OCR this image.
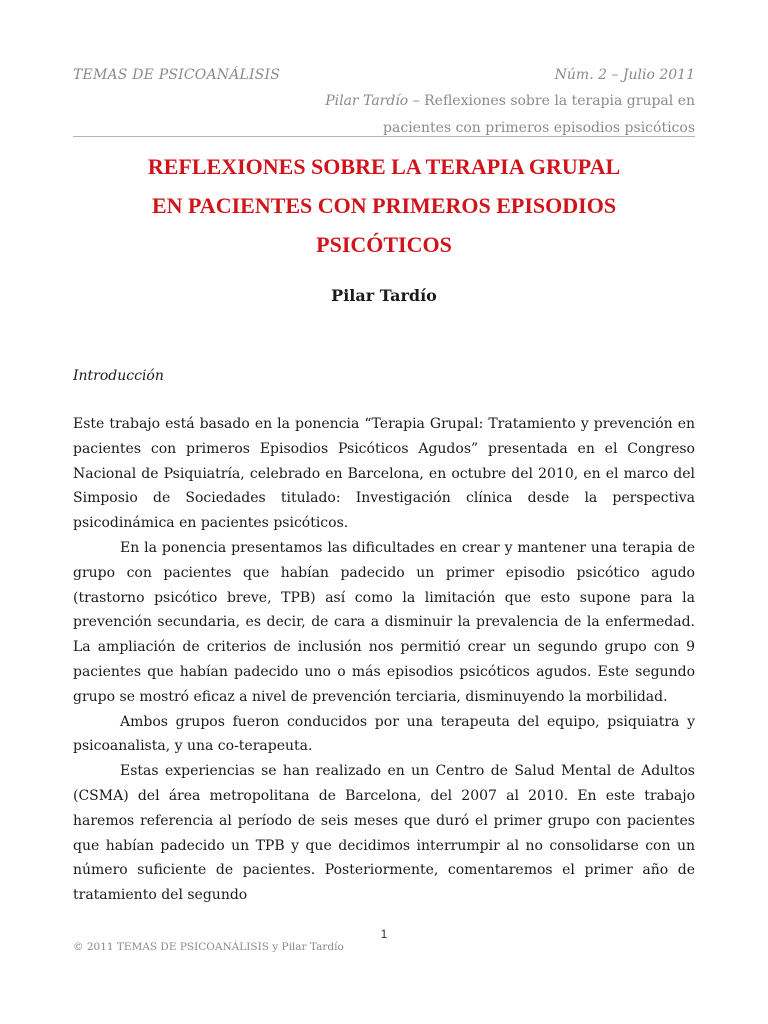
TEMAS DE PSICOANÁLISIS	Núm. 2 – Julio 2011
Pilar Tardío – Reflexiones sobre la terapia grupal en
pacientes con primeros episodios psicóticos
REFLEXIONES SOBRE LA TERAPIA GRUPAL
EN PACIENTES CON PRIMEROS EPISODIOS
PSICÓTICOS
Pilar Tardío
Introducción

Este trabajo está basado en la ponencia “Terapia Grupal: Tratamiento y prevención en pacientes con primeros Episodios Psicóticos Agudos” presentada en el Congreso Nacional de Psiquiatría, celebrado en Barcelona, en octubre del 2010, en el marco del Simposio de Sociedades titulado: Investigación clínica desde la perspectiva psicodinámica en pacientes psicóticos.

En la ponencia presentamos las dificultades en crear y mantener una terapia de grupo con pacientes que habían padecido un primer episodio psicótico agudo (trastorno psicótico breve, TPB) así como la limitación que esto supone para la prevención secundaria, es decir, de cara a disminuir la prevalencia de la enfermedad. La ampliación de criterios de inclusión nos permitió crear un segundo grupo con 9 pacientes que habían padecido uno o más episodios psicóticos agudos. Este segundo grupo se mostró eficaz a nivel de prevención terciaria, disminuyendo la morbilidad.

Ambos grupos fueron conducidos por una terapeuta del equipo, psiquiatra y psicoanalista, y una co-terapeuta.

Estas experiencias se han realizado en un Centro de Salud Mental de Adultos (CSMA) del área metropolitana de Barcelona, del 2007 al 2010. En este trabajo haremos referencia al período de seis meses que duró el primer grupo con pacientes que habían padecido un TPB y que decidimos interrumpir al no consolidarse con un número suficiente de pacientes. Posteriormente, comentaremos el primer año de tratamiento del segundo

1
© 2011 TEMAS DE PSICOANÁLISIS y Pilar Tardío
